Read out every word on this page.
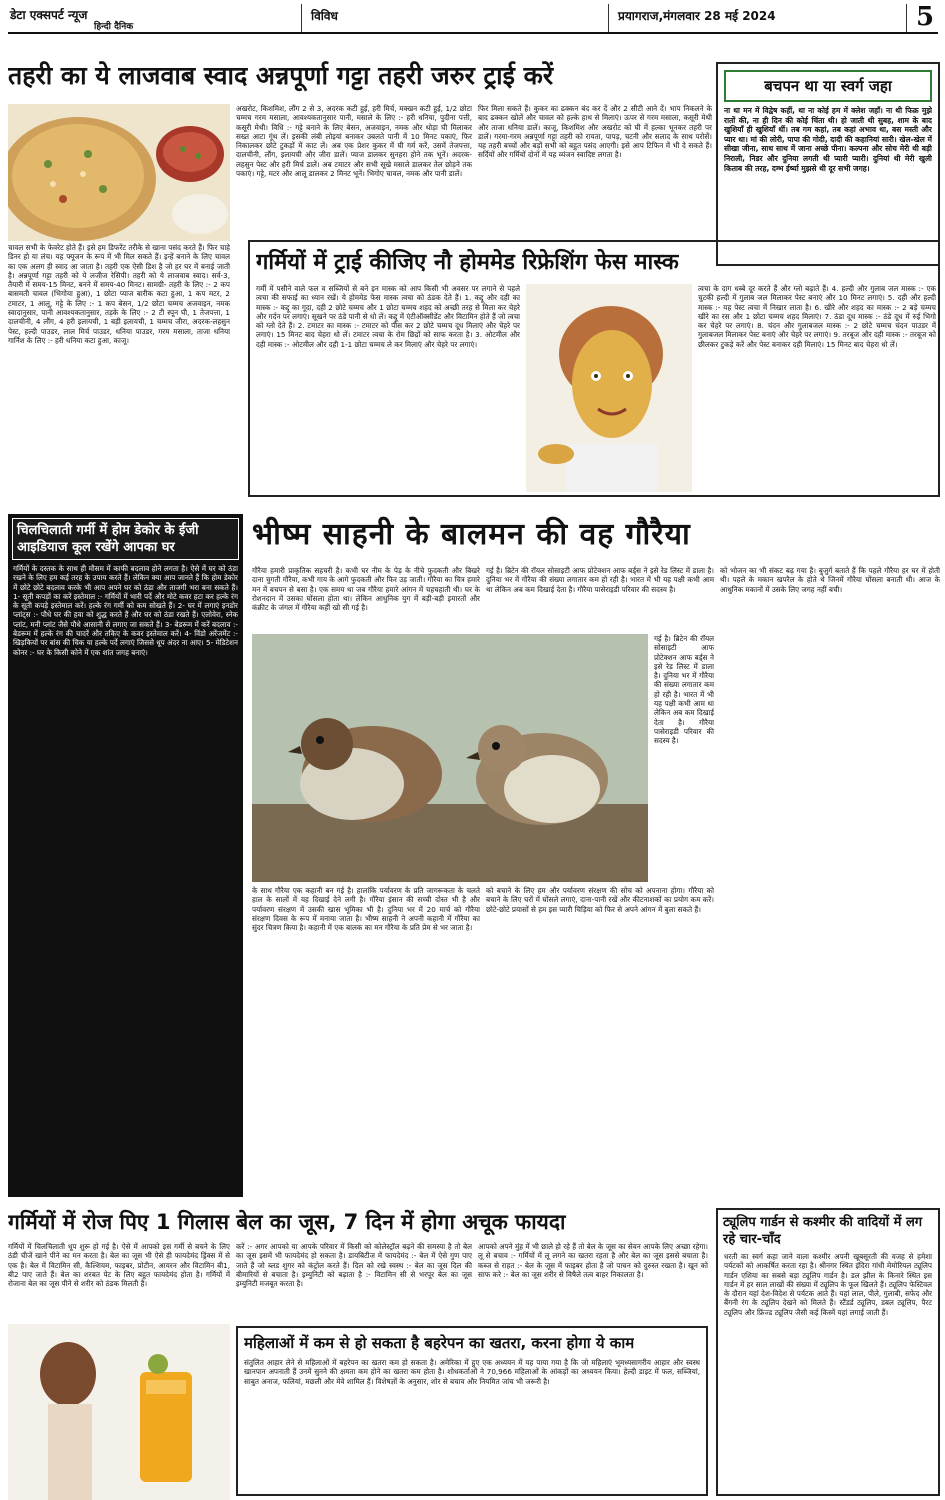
डेटा एक्सपर्ट न्यूज
हिन्दी दैनिक
विविध	प्रयागराज,मंगलवार 28 मई 2024	5
तहरी का ये लाजवाब स्वाद अन्नपूर्णा गट्टा तहरी जरुर ट्राई करें
चावल सभी के फेवरेट होते हैं। इसे हम डिफरेंट तरीके से खाना पसंद करते हैं। फिर चाहे डिनर हो या लंच। यह फ्यूजन के रूप में भी मिल सकते हैं। इन्हें बनाने के लिए चावल का एक अलग ही स्वाद आ जाता है। तहरी एक ऐसी डिश है जो हर घर में बनाई जाती है। अन्नपूर्णा गट्टा तहरी को ये लजीज रेसिपी। तहरी को ये लाजवाब स्वाद। सर्व-3, तैयारी में समय-15 मिनट, बनने में समय-40 मिनट। सामग्री- तहरी के लिए :- 2 कप बासमती चावल (भिगोया हुआ), 1 छोटा प्याज बारीक कटा हुआ, 1 कप मटर, 2 टमाटर, 1 आलू, गट्टे के लिए :- 1 कप बेसन, 1/2 छोटा चम्मच अजवाइन, नमक स्वादानुसार, पानी आवश्यकतानुसार, तड़के के लिए :- 2 टी स्पून घी, 1 तेजपत्ता, 1 दालचीनी, 4 लौंग, 4 हरी इलायची, 1 बड़ी इलायची, 1 चम्मच जीरा, अदरक-लहसुन पेस्ट, हल्दी पाउडर, लाल मिर्च पाउडर, धनिया पाउडर, गरम मसाला, ताजा धनिया गार्निश के लिए :- हरी धनिया कटा हुआ, काजू।
अखरोट, किशमिश, लौंग 2 से 3, अदरक कटी हुई, हरी मिर्च, मक्खन कटी हुई, 1/2 छोटा चम्मच गरम मसाला, आवश्यकतानुसार पानी, मसाले के लिए :- हरी धनिया, पुदीना पत्ती, कसूरी मेथी। विधि :- गट्टे बनाने के लिए बेसन, अजवाइन, नमक और थोड़ा घी मिलाकर सख्त आटा गूंथ लें। इसकी लंबी लोइयां बनाकर उबलते पानी में 10 मिनट पकाएं, फिर निकालकर छोटे टुकड़ों में काट लें। अब एक प्रेशर कुकर में घी गर्म करें, उसमें तेजपत्ता, दालचीनी, लौंग, इलायची और जीरा डालें। प्याज डालकर सुनहरा होने तक भूनें। अदरक-लहसुन पेस्ट और हरी मिर्च डालें। अब टमाटर और सभी सूखे मसाले डालकर तेल छोड़ने तक पकाएं। गट्टे, मटर और आलू डालकर 2 मिनट भूनें। भिगोए चावल, नमक और पानी डालें।
फिर मिला सकते हैं। कुकर का ढक्कन बंद कर दें और 2 सीटी आने दें। भाप निकलने के बाद ढक्कन खोलें और चावल को हल्के हाथ से मिलाएं। ऊपर से गरम मसाला, कसूरी मेथी और ताजा धनिया डालें। काजू, किशमिश और अखरोट को घी में हल्का भूनकर तहरी पर डालें। गरमा-गरम अन्नपूर्णा गट्टा तहरी को रायता, पापड़, चटनी और सलाद के साथ परोसें। यह तहरी बच्चों और बड़ों सभी को बहुत पसंद आएगी। इसे आप टिफिन में भी दे सकते हैं। सर्दियों और गर्मियों दोनों में यह व्यंजन स्वादिष्ट लगता है।
बचपन था या स्वर्ग जहा
ना था मन में विद्वेष कहीं, था ना कोई हम में क्लेश जहाँ। ना थी फिक्र मुझे रातों की, ना ही दिन की कोई चिंता थी। हो जाती थी सुबह, शाम के बाद खुशियाँ ही खुशियाँ थीं। तब गम कहां, तब कहां अभाव था, बस मस्ती और प्यार था। मां की लोरी, पापा की गोदी, दादी की कहानियां सारी। खेल-खेल में सीखा जीना, साथ साथ में जाना अच्छे पीना। कल्पना और सोच मेरी थी बड़ी निराली, निडर और दुनिया लगती थी प्यारी प्यारी। दुनियां थी मेरी खुली किताब की तरह, दम्भ ईर्ष्या मुझसे थी दूर सभी जगह।
गर्मियों में ट्राई कीजिए नौ होममेड रिफ्रेशिंग फेस मास्क
गर्मी में पसीने वाले फल व सब्जियों से बने इन मास्क को आप किसी भी अवसर पर लगाने से पहले त्वचा की सफाई का ध्यान रखें। ये होममेड फेस मास्क त्वचा को ठंडक देते हैं। 1. कद्दू और दही का मास्क :- कद्दू का गूदा, दही 2 छोटे चम्मच और 1 छोटा चम्मच शहद को अच्छी तरह से मिला कर चेहरे और गर्दन पर लगाएं। सूखने पर ठंडे पानी से धो लें। कद्दू में एंटीऑक्सीडेंट और विटामिन होते हैं जो त्वचा को ग्लो देते हैं। 2. टमाटर का मास्क :- टमाटर को पीस कर 2 छोटे चम्मच दूध मिलाएं और चेहरे पर लगाएं। 15 मिनट बाद चेहरा धो लें। टमाटर त्वचा के रोम छिद्रों को साफ करता है। 3. ओटमील और दही मास्क :- ओटमील और दही 1-1 छोटा चम्मच ले कर मिलाएं और चेहरे पर लगाएं।
त्वचा के दाग धब्बे दूर करते हैं और ग्लो बढ़ाते हैं। 4. हल्दी और गुलाब जल मास्क :- एक चुटकी हल्दी में गुलाब जल मिलाकर पेस्ट बनाएं और 10 मिनट लगाएं। 5. दही और हल्दी मास्क :- यह पेस्ट त्वचा में निखार लाता है। 6. खीरे और शहद का मास्क :- 2 बड़े चम्मच खीरे का रस और 1 छोटा चम्मच शहद मिलाएं। 7. ठंडा दूध मास्क :- ठंडे दूध में रुई भिगो कर चेहरे पर लगाएं। 8. चंदन और गुलाबजल मास्क :- 2 छोटे चम्मच चंदन पाउडर में गुलाबजल मिलाकर पेस्ट बनाएं और चेहरे पर लगाएं। 9. तरबूज और दही मास्क :- तरबूज को छीलकर टुकड़े करें और पेस्ट बनाकर दही मिलाएं। 15 मिनट बाद चेहरा धो लें।
चिलचिलाती गर्मी में होम डेकोर के ईजी आइडियाज कूल रखेंगे आपका घर
गर्मियों के दस्तक के साथ ही मौसम में काफी बदलाव होने लगता है। ऐसे में घर को ठंडा रखने के लिए हम कई तरह के उपाय करते हैं। लेकिन क्या आप जानते हैं कि होम डेकोर में छोटे छोटे बदलाव करके भी आप अपने घर को ठंडा और ताजगी भरा बना सकते हैं। 1- सूती कपड़ों का करें इस्तेमाल :- गर्मियों में भारी पर्दे और मोटे कवर हटा कर हल्के रंग के सूती कपड़े इस्तेमाल करें। हल्के रंग गर्मी को कम सोखते हैं। 2- घर में लगाएं इनडोर प्लांट्स :- पौधे घर की हवा को शुद्ध करते हैं और घर को ठंडा रखते हैं। एलोवेरा, स्नेक प्लांट, मनी प्लांट जैसे पौधे आसानी से लगाए जा सकते हैं। 3- बेडरूम में करें बदलाव :- बेडरूम में हल्के रंग की चादरें और तकिए के कवर इस्तेमाल करें। 4- विंडो अरेंजमेंट :- खिड़कियों पर बांस की चिक या हल्के पर्दे लगाएं जिससे धूप अंदर ना आए। 5- मेडिटेशन कोनर :- घर के किसी कोने में एक शांत जगह बनाएं।
भीष्म साहनी के बालमन की वह गौरैया
गौरैया हमारी प्राकृतिक सहचरी है। कभी घर नीम के पेड़ के नीचे फुदकती और बिखरे दाना चुगती गौरैया, कभी गाय के आगे फुदकती और फिर उड़ जाती। गौरैया का चित्र हमारे मन में बचपन से बसा है। एक समय था जब गौरैया हमारे आंगन में चहचहाती थी। घर के रोशनदान में उसका घोंसला होता था। लेकिन आधुनिक युग में बड़ी-बड़ी इमारतों और कंक्रीट के जंगल में गौरैया कहीं खो सी गई है।
गई है। ब्रिटेन की रॉयल सोसाइटी आफ प्रोटेक्शन आफ बर्ड्स ने इसे रेड लिस्ट में डाला है। दुनिया भर में गौरैया की संख्या लगातार कम हो रही है। भारत में भी यह पक्षी कभी आम था लेकिन अब कम दिखाई देता है। गौरैया पासेराइडी परिवार की सदस्य है।
को भोजन का भी संकट बढ़ गया है। बुजुर्ग बताते हैं कि पहले गौरैया हर घर में होती थी। पहले के मकान खपरैल के होते थे जिनमें गौरैया घोंसला बनाती थी। आज के आधुनिक मकानों में उसके लिए जगह नहीं बची।
गई है। ब्रिटेन की रॉयल सोसाइटी आफ प्रोटेक्शन आफ बर्ड्स ने इसे रेड लिस्ट में डाला है। दुनिया भर में गौरैया की संख्या लगातार कम हो रही है। भारत में भी यह पक्षी कभी आम था लेकिन अब कम दिखाई देता है। गौरैया पासेराइडी परिवार की सदस्य है।
के साथ गौरैया एक कहानी बन गई है। हालांकि पर्यावरण के प्रति जागरूकता के चलते हाल के सालों में यह दिखाई देने लगी है। गौरैया इंसान की सच्ची दोस्त भी है और पर्यावरण संरक्षण में उसकी खास भूमिका भी है। दुनिया भर में 20 मार्च को गौरैया संरक्षण दिवस के रूप में मनाया जाता है। भीष्म साहनी ने अपनी कहानी में गौरैया का सुंदर चित्रण किया है। कहानी में एक बालक का मन गौरैया के प्रति प्रेम से भर जाता है।
को बचाने के लिए हम और पर्यावरण संरक्षण की सोच को अपनाना होगा। गौरैया को बचाने के लिए घरों में घोंसले लगाएं, दाना-पानी रखें और कीटनाशकों का प्रयोग कम करें। छोटे-छोटे प्रयासों से हम इस प्यारी चिड़िया को फिर से अपने आंगन में बुला सकते हैं।
गर्मियों में रोज पिए 1 गिलास बेल का जूस, 7 दिन में होगा अचूक फायदा
गर्मियों में चिलचिलाती धूप शुरू हो गई है। ऐसे में आपको इस गर्मी से बचने के लिए ठंडी चीजें खाने पीने का मन करता है। बेल का जूस भी ऐसे ही फायदेमंद ड्रिंक्स में से एक है। बेल में विटामिन सी, कैल्शियम, फाइबर, प्रोटीन, आयरन और विटामिन बी1, बी2 पाए जाते हैं। बेल का शरबत पेट के लिए बहुत फायदेमंद होता है। गर्मियों में रोजाना बेल का जूस पीने से शरीर को ठंडक मिलती है।
करें :- अगर आपको या आपके परिवार में किसी को कोलेस्ट्रॉल बढ़ने की समस्या है तो बेल का जूस इसमें भी फायदेमंद हो सकता है। डायबिटीज में फायदेमंद :- बेल में ऐसे गुण पाए जाते हैं जो ब्लड शुगर को कंट्रोल करते हैं। दिल को रखे स्वस्थ :- बेल का जूस दिल की बीमारियों से बचाता है। इम्युनिटी को बढ़ाता है :- विटामिन सी से भरपूर बेल का जूस इम्युनिटी मजबूत करता है।
आपको अपने मुंह में भी छाले हो रहे हैं तो बेल के जूस का सेवन आपके लिए अच्छा रहेगा। लू से बचाव :- गर्मियों में लू लगने का खतरा रहता है और बेल का जूस इससे बचाता है। कब्ज से राहत :- बेल के जूस में फाइबर होता है जो पाचन को दुरुस्त रखता है। खून को साफ करे :- बेल का जूस शरीर से विषैले तत्व बाहर निकालता है।
महिलाओं में कम से हो सकता है बहरेपन का खतरा, करना होगा ये काम
संतुलित आहार लेने से महिलाओं में बहरेपन का खतरा कम हो सकता है। अमेरिका में हुए एक अध्ययन में यह पाया गया है कि जो महिलाएं भूमध्यसागरीय आहार और स्वस्थ खानपान अपनाती हैं उनमें सुनने की क्षमता कम होने का खतरा कम होता है। शोधकर्ताओं ने 70,966 महिलाओं के आंकड़ों का अध्ययन किया। हेल्दी डाइट में फल, सब्जियां, साबुत अनाज, फलियां, मछली और मेवे शामिल हैं। विशेषज्ञों के अनुसार, शोर से बचाव और नियमित जांच भी जरूरी है।
ट्यूलिप गार्डन से कश्मीर की वादियों में लग रहे चार-चाँद
धरती का स्वर्ग कहा जाने वाला कश्मीर अपनी खूबसूरती की वजह से हमेशा पर्यटकों को आकर्षित करता रहा है। श्रीनगर स्थित इंदिरा गांधी मेमोरियल ट्यूलिप गार्डन एशिया का सबसे बड़ा ट्यूलिप गार्डन है। डल झील के किनारे स्थित इस गार्डन में हर साल लाखों की संख्या में ट्यूलिप के फूल खिलते हैं। ट्यूलिप फेस्टिवल के दौरान यहां देश-विदेश से पर्यटक आते हैं। यहां लाल, पीले, गुलाबी, सफेद और बैंगनी रंग के ट्यूलिप देखने को मिलते हैं। स्टैंडर्ड ट्यूलिप, डबल ट्यूलिप, पैरट ट्यूलिप और फ्रिंज्ड ट्यूलिप जैसी कई किस्में यहां लगाई जाती हैं।
